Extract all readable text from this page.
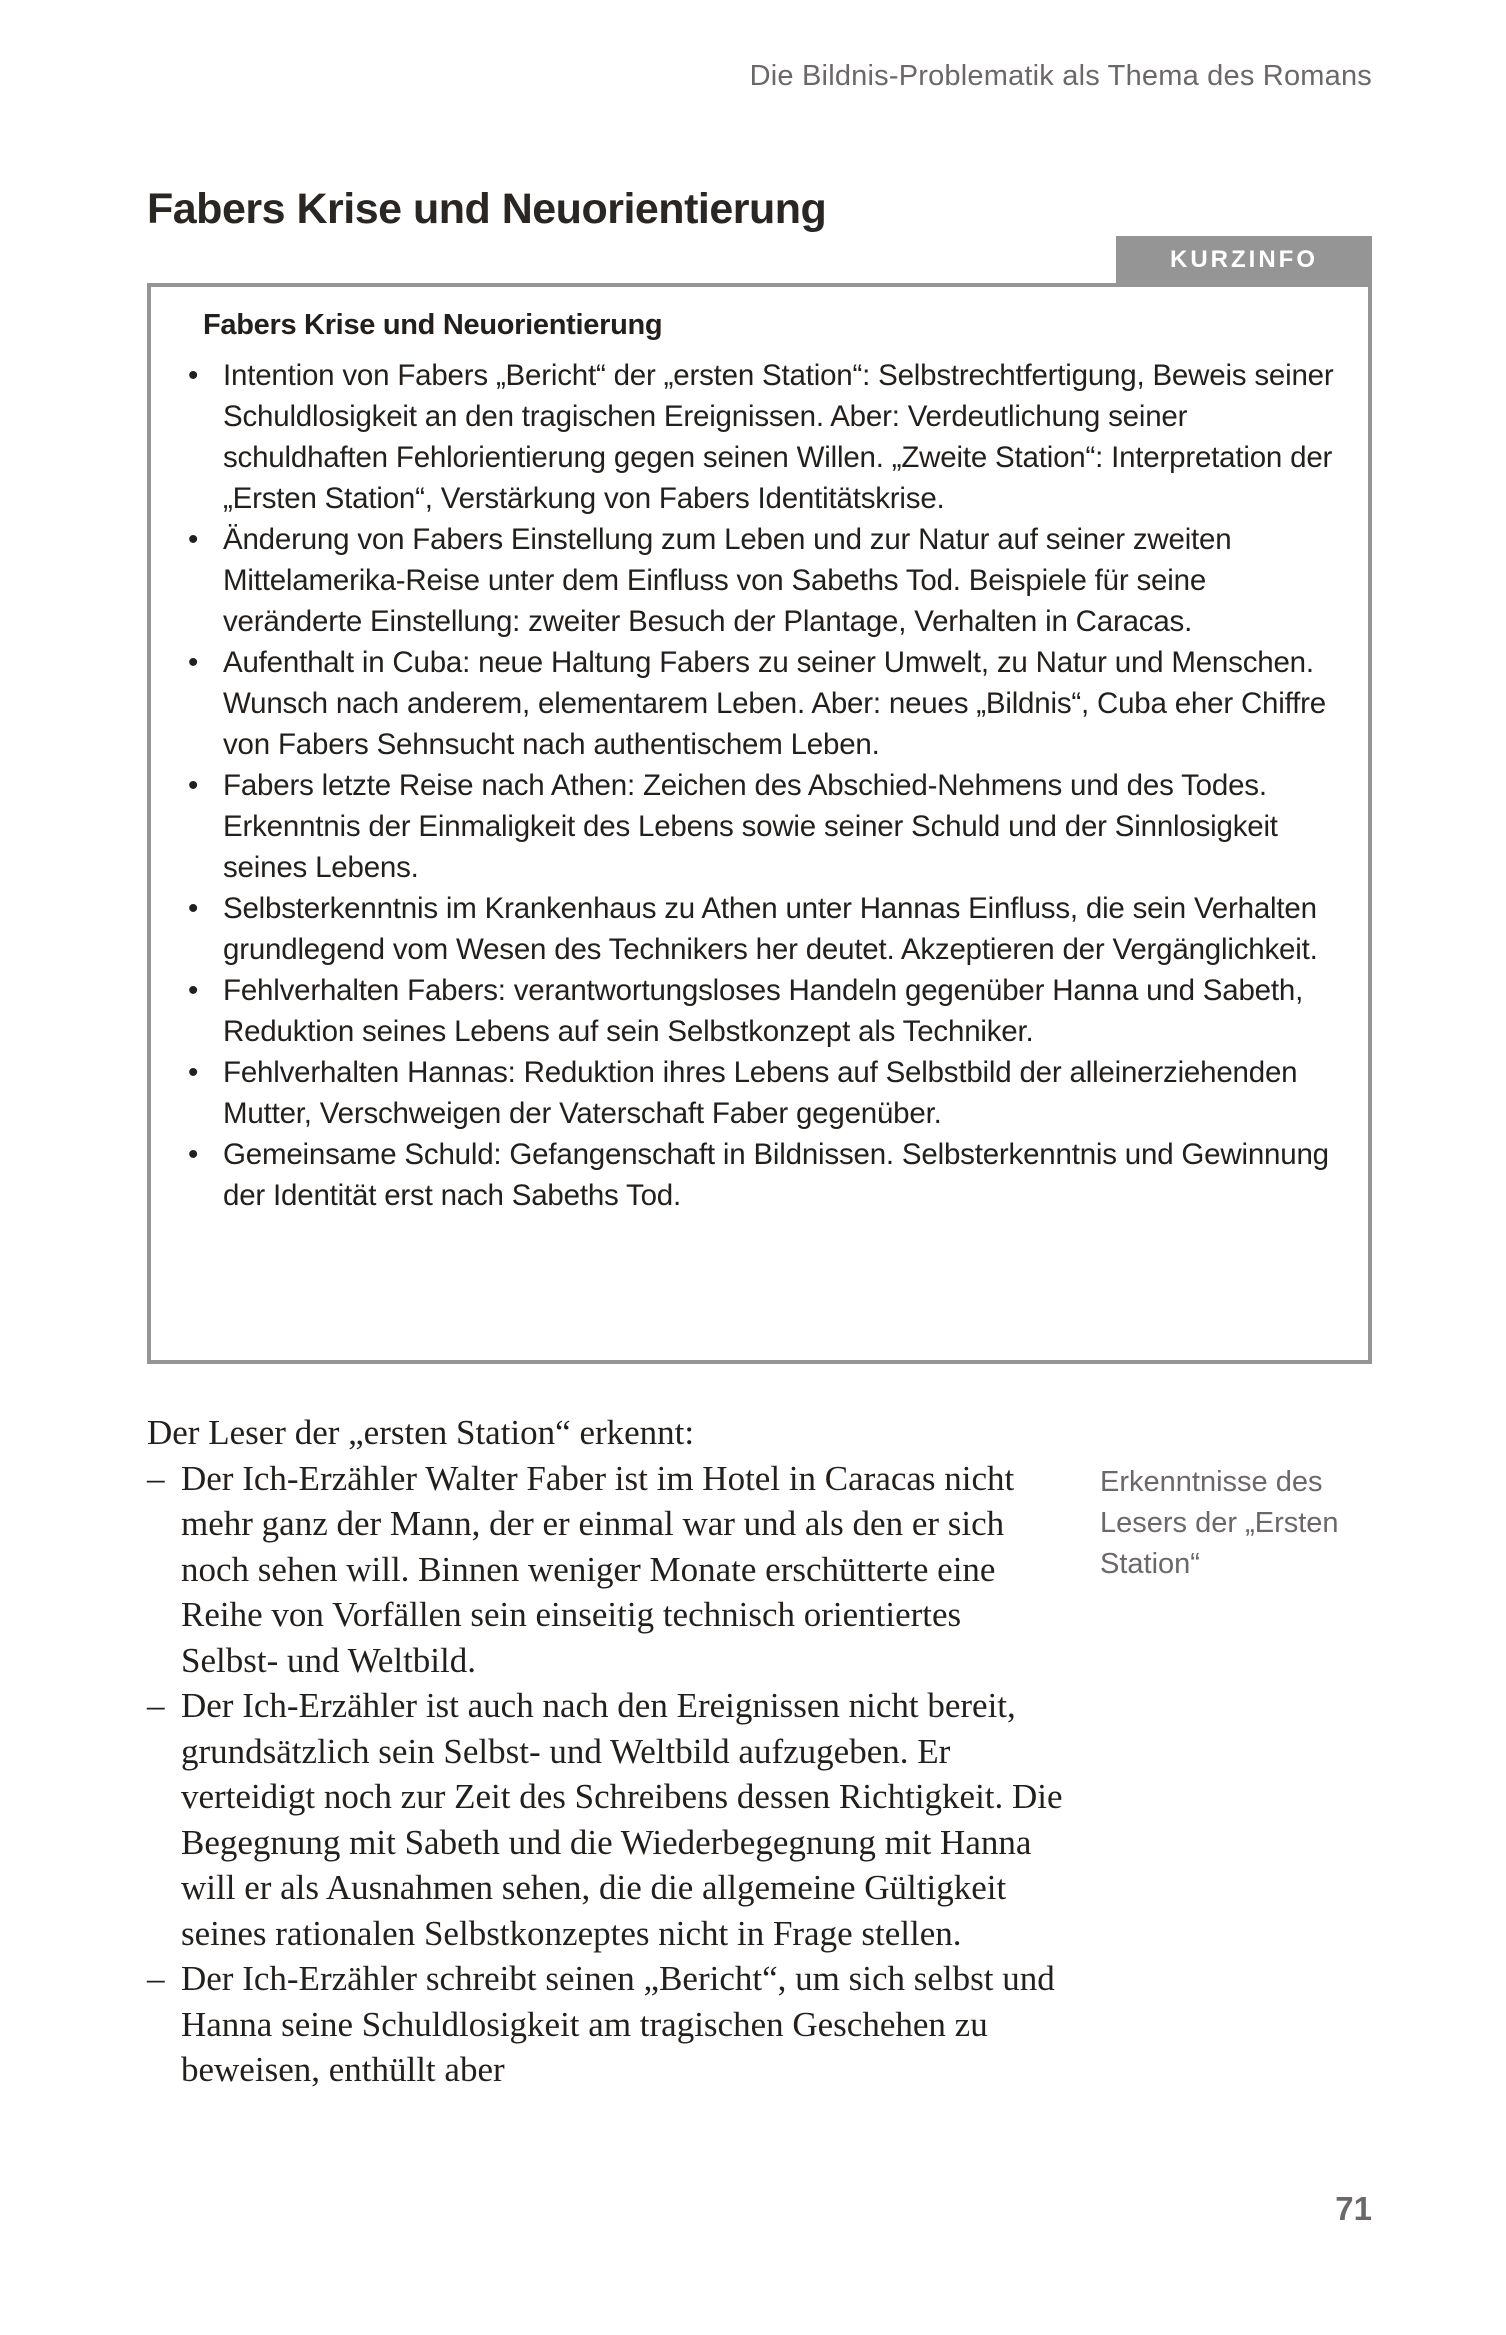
Die Bildnis-Problematik als Thema des Romans
Fabers Krise und Neuorientierung
KURZINFO
Fabers Krise und Neuorientierung
• Intention von Fabers „Bericht“ der „ersten Station“: Selbstrechtfertigung, Beweis seiner Schuldlosigkeit an den tragischen Ereignissen. Aber: Verdeutlichung seiner schuldhaften Fehlorientierung gegen seinen Willen. „Zweite Station“: Interpretation der „Ersten Station“, Verstärkung von Fabers Identitätskrise.
• Änderung von Fabers Einstellung zum Leben und zur Natur auf seiner zweiten Mittelamerika-Reise unter dem Einfluss von Sabeths Tod. Beispiele für seine veränderte Einstellung: zweiter Besuch der Plantage, Verhalten in Caracas.
• Aufenthalt in Cuba: neue Haltung Fabers zu seiner Umwelt, zu Natur und Menschen. Wunsch nach anderem, elementarem Leben. Aber: neues „Bildnis“, Cuba eher Chiffre von Fabers Sehnsucht nach authentischem Leben.
• Fabers letzte Reise nach Athen: Zeichen des Abschied-Nehmens und des Todes. Erkenntnis der Einmaligkeit des Lebens sowie seiner Schuld und der Sinnlosigkeit seines Lebens.
• Selbsterkenntnis im Krankenhaus zu Athen unter Hannas Einfluss, die sein Verhalten grundlegend vom Wesen des Technikers her deutet. Akzeptieren der Vergänglichkeit.
• Fehlverhalten Fabers: verantwortungsloses Handeln gegenüber Hanna und Sabeth, Reduktion seines Lebens auf sein Selbstkonzept als Techniker.
• Fehlverhalten Hannas: Reduktion ihres Lebens auf Selbstbild der alleinerziehenden Mutter, Verschweigen der Vaterschaft Faber gegenüber.
• Gemeinsame Schuld: Gefangenschaft in Bildnissen. Selbsterkenntnis und Gewinnung der Identität erst nach Sabeths Tod.

Der Leser der „ersten Station“ erkennt:

– Der Ich-Erzähler Walter Faber ist im Hotel in Caracas nicht mehr ganz der Mann, der er einmal war und als den er sich noch sehen will. Binnen weniger Monate erschütterte eine Reihe von Vorfällen sein einseitig technisch orientiertes Selbst- und Weltbild.
– Der Ich-Erzähler ist auch nach den Ereignissen nicht bereit, grundsätzlich sein Selbst- und Weltbild aufzugeben. Er verteidigt noch zur Zeit des Schreibens dessen Richtigkeit. Die Begegnung mit Sabeth und die Wiederbegegnung mit Hanna will er als Ausnahmen sehen, die die allgemeine Gültigkeit seines rationalen Selbstkonzeptes nicht in Frage stellen.
– Der Ich-Erzähler schreibt seinen „Bericht“, um sich selbst und Hanna seine Schuldlosigkeit am tragischen Geschehen zu beweisen, enthüllt aber
Erkenntnisse des Lesers der „Ersten Station“
71
